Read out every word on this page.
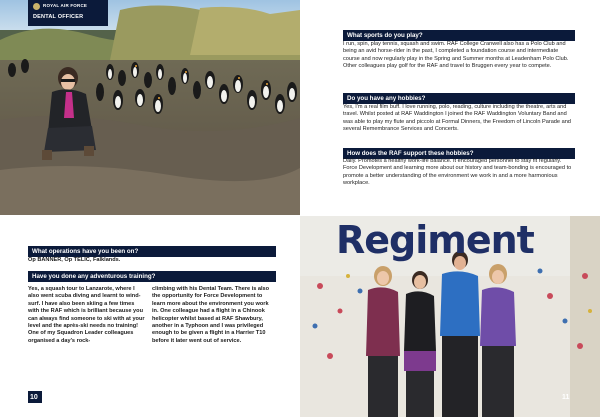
ROYAL AIR FORCE
DENTAL OFFICER
What operations have you been on?
Op BANNER, Op TELIC, Falklands.
Have you done any adventurous training?
Yes, a squash tour to Lanzarote, where I also went scuba diving and learnt to wind-surf. I have also been skiing a few times with the RAF which is brilliant because you can always find someone to ski with at your level and the après-ski needs no training! One of my Squadron Leader colleagues organised a day's rock-
climbing with his Dental Team. There is also the opportunity for Force Development to learn more about the environment you work in. One colleague had a flight in a Chinook helicopter whilst based at RAF Shawbury, another in a Typhoon and I was privileged enough to be given a flight in a Harrier T10 before it later went out of service.
10
What sports do you play?
I run, spin, play tennis, squash and swim. RAF College Cranwell also has a Polo Club and being an avid horse-rider in the past, I completed a foundation course and intermediate course and now regularly play in the Spring and Summer months at Leadenham Polo Club. Other colleagues play golf for the RAF and travel to Bruggen every year to compete.
Do you have any hobbies?
Yes, I'm a real film buff. I love running, polo, reading, culture including the theatre, arts and travel. Whilst posted at RAF Waddington I joined the RAF Waddington Voluntary Band and was able to play my flute and piccolo at Formal Dinners, the Freedom of Lincoln Parade and several Remembrance Services and Concerts.
How does the RAF support these hobbies?
Daily. Promotes a healthy work-life balance. It encouraged personnel to stay fit regularly. Force Development and learning more about our history and team-bonding is encouraged to promote a better understanding of the environment we work in and a more harmonious workplace.
Regiment
11
